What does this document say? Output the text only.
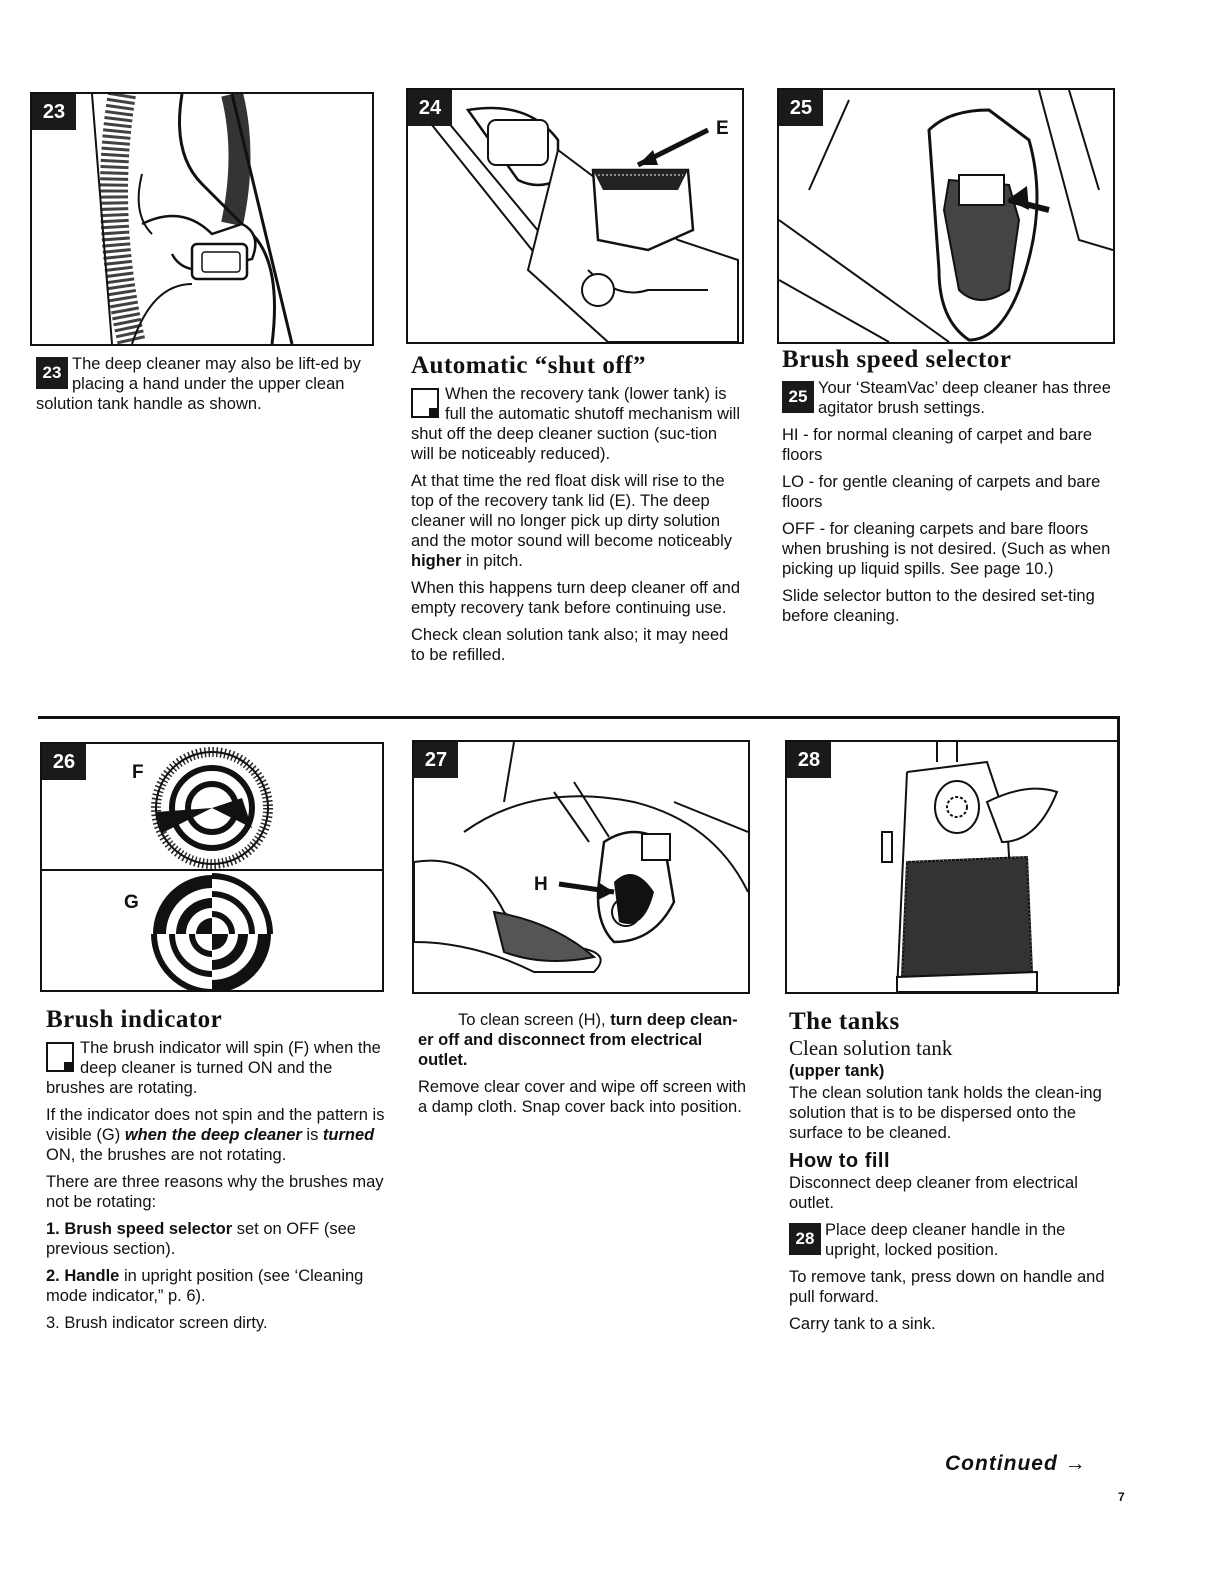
23	24
E
25
23 The deep cleaner may also be lift-ed by placing a hand under the upper clean solution tank handle as shown.
Automatic “shut off”

When the recovery tank (lower tank) is full the automatic shutoff mechanism will shut off the deep cleaner suction (suc-tion will be noticeably reduced).

At that time the red float disk will rise to the top of the recovery tank lid (E). The deep cleaner will no longer pick up dirty solution and the motor sound will become noticeably higher in pitch.

When this happens turn deep cleaner off and empty recovery tank before continuing use.

Check clean solution tank also; it may need to be refilled.

Brush speed selector

25 Your ‘SteamVac’ deep cleaner has three agitator brush settings.

HI - for normal cleaning of carpet and bare floors

LO - for gentle cleaning of carpets and bare floors

OFF - for cleaning carpets and bare floors when brushing is not desired. (Such as when picking up liquid spills. See page 10.)

Slide selector button to the desired set-ting before cleaning.

26	F
G
27
H
28
Brush indicator

The brush indicator will spin (F) when the deep cleaner is turned ON and the brushes are rotating.

If the indicator does not spin and the pattern is visible (G) when the deep cleaner is turned ON, the brushes are not rotating.

There are three reasons why the brushes may not be rotating:

1. Brush speed selector set on OFF (see previous section).

2. Handle in upright position (see ‘Cleaning mode indicator,” p. 6).

3. Brush indicator screen dirty.

To clean screen (H), turn deep clean-er off and disconnect from electrical outlet.

Remove clear cover and wipe off screen with a damp cloth. Snap cover back into position.

The tanks
Clean solution tank

(upper tank)

The clean solution tank holds the clean-ing solution that is to be dispersed onto the surface to be cleaned.

How to fill

Disconnect deep cleaner from electrical outlet.

28 Place deep cleaner handle in the upright, locked position.

To remove tank, press down on handle and pull forward.

Carry tank to a sink.

Continued →
7
